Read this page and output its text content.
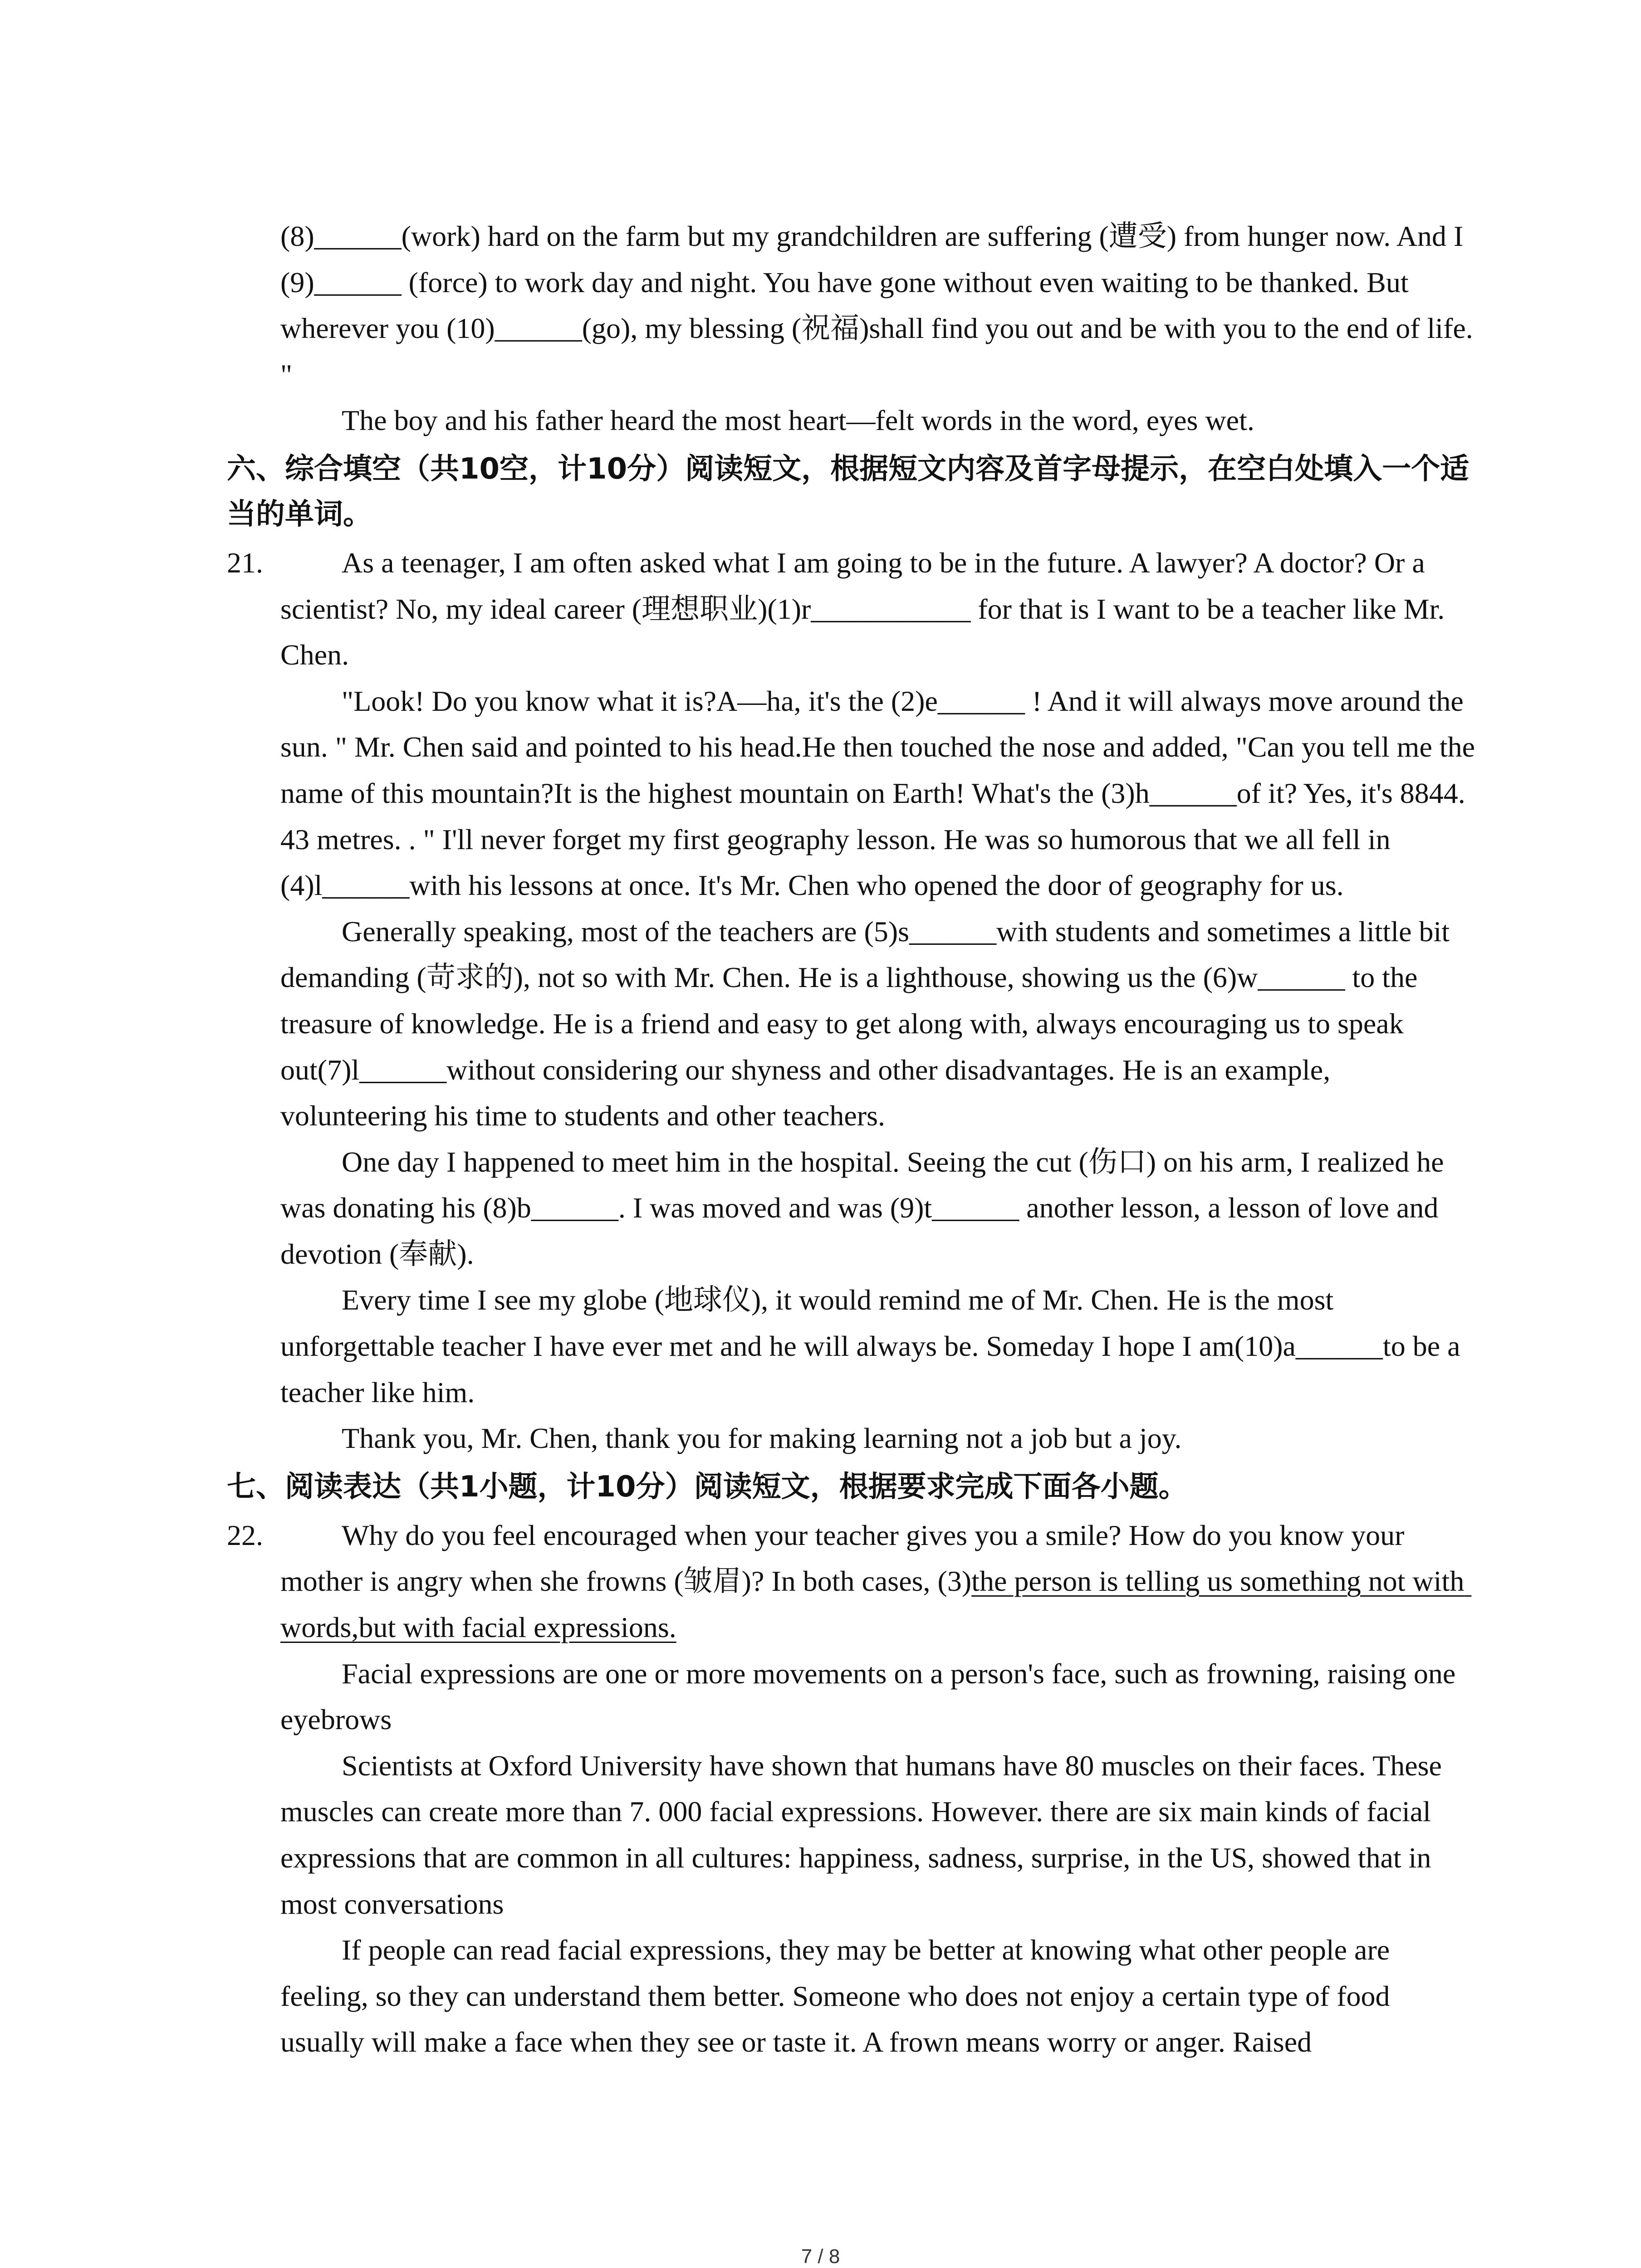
(8)______(work) hard on the farm but my grandchildren are suffering (遭受) from hunger now. And I (9)______ (force) to work day and night. You have gone without even waiting to be thanked. But wherever you (10)______(go), my blessing (祝福)shall find you out and be with you to the end of life. "

The boy and his father heard the most heart—felt words in the word, eyes wet.

六、综合填空（共10空，计10分）阅读短文，根据短文内容及首字母提示，在空白处填入一个适当的单词。
21.	As a teenager, I am often asked what I am going to be in the future. A lawyer? A doctor? Or a scientist? No, my ideal career (理想职业)(1)r___________ for that is I want to be a teacher like Mr. Chen.

"Look! Do you know what it is?A—ha, it's the (2)e______ ! And it will always move around the sun. " Mr. Chen said and pointed to his head.He then touched the nose and added, "Can you tell me the name of this mountain?It is the highest mountain on Earth! What's the (3)h______of it? Yes, it's 8844. 43 metres. . " I'll never forget my first geography lesson. He was so humorous that we all fell in (4)l______with his lessons at once. It's Mr. Chen who opened the door of geography for us.

Generally speaking, most of the teachers are (5)s______with students and sometimes a little bit demanding (苛求的), not so with Mr. Chen. He is a lighthouse, showing us the (6)w______ to the treasure of knowledge. He is a friend and easy to get along with, always encouraging us to speak out(7)l______without considering our shyness and other disadvantages. He is an example, volunteering his time to students and other teachers.

One day I happened to meet him in the hospital. Seeing the cut (伤口) on his arm, I realized he was donating his (8)b______. I was moved and was (9)t______ another lesson, a lesson of love and devotion (奉献).

Every time I see my globe (地球仪), it would remind me of Mr. Chen. He is the most unforgettable teacher I have ever met and he will always be. Someday I hope I am(10)a______to be a teacher like him.

Thank you, Mr. Chen, thank you for making learning not a job but a joy.

七、阅读表达（共1小题，计10分）阅读短文，根据要求完成下面各小题。
22.	Why do you feel encouraged when your teacher gives you a smile? How do you know your mother is angry when she frowns (皱眉)? In both cases, (3)the person is telling us something not with words,but with facial expressions.

Facial expressions are one or more movements on a person's face, such as frowning, raising one eyebrows

Scientists at Oxford University have shown that humans have 80 muscles on their faces. These muscles can create more than 7. 000 facial expressions. However. there are six main kinds of facial expressions that are common in all cultures: happiness, sadness, surprise, in the US, showed that in most conversations

If people can read facial expressions, they may be better at knowing what other people are feeling, so they can understand them better. Someone who does not enjoy a certain type of food usually will make a face when they see or taste it. A frown means worry or anger. Raised

7 / 8
